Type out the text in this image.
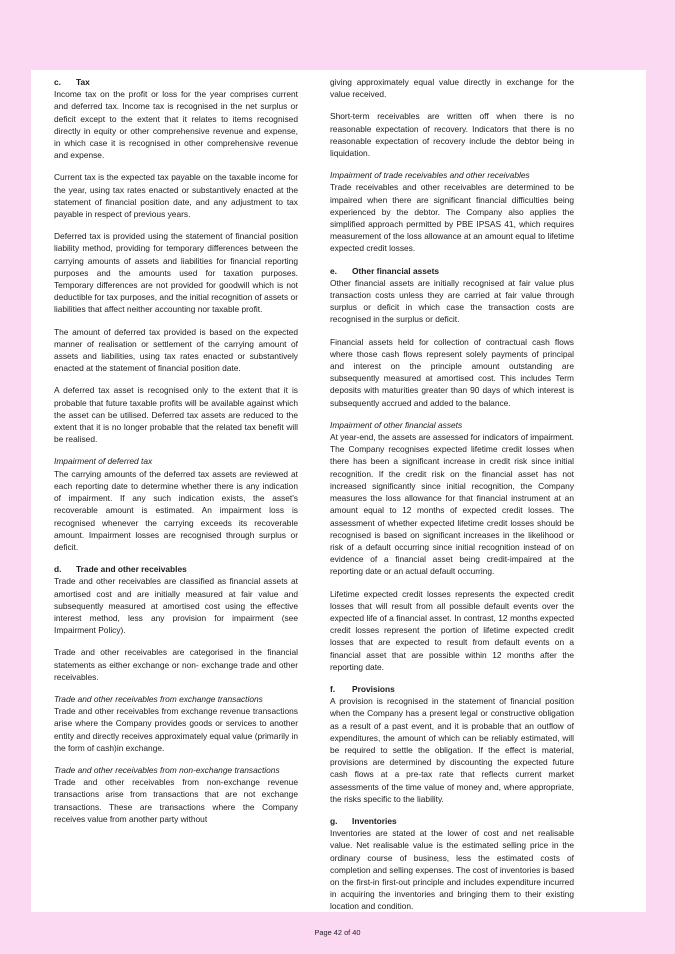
c. Tax

Income tax on the profit or loss for the year comprises current and deferred tax. Income tax is recognised in the net surplus or deficit except to the extent that it relates to items recognised directly in equity or other comprehensive revenue and expense, in which case it is recognised in other comprehensive revenue and expense.

Current tax is the expected tax payable on the taxable income for the year, using tax rates enacted or substantively enacted at the statement of financial position date, and any adjustment to tax payable in respect of previous years.

Deferred tax is provided using the statement of financial position liability method, providing for temporary differences between the carrying amounts of assets and liabilities for financial reporting purposes and the amounts used for taxation purposes. Temporary differences are not provided for goodwill which is not deductible for tax purposes, and the initial recognition of assets or liabilities that affect neither accounting nor taxable profit.

The amount of deferred tax provided is based on the expected manner of realisation or settlement of the carrying amount of assets and liabilities, using tax rates enacted or substantively enacted at the statement of financial position date.

A deferred tax asset is recognised only to the extent that it is probable that future taxable profits will be available against which the asset can be utilised. Deferred tax assets are reduced to the extent that it is no longer probable that the related tax benefit will be realised.

Impairment of deferred tax

The carrying amounts of the deferred tax assets are reviewed at each reporting date to determine whether there is any indication of impairment. If any such indication exists, the asset's recoverable amount is estimated. An impairment loss is recognised whenever the carrying exceeds its recoverable amount. Impairment losses are recognised through surplus or deficit.

d. Trade and other receivables

Trade and other receivables are classified as financial assets at amortised cost and are initially measured at fair value and subsequently measured at amortised cost using the effective interest method, less any provision for impairment (see Impairment Policy).

Trade and other receivables are categorised in the financial statements as either exchange or non- exchange trade and other receivables.

Trade and other receivables from exchange transactions

Trade and other receivables from exchange revenue transactions arise where the Company provides goods or services to another entity and directly receives approximately equal value (primarily in the form of cash)in exchange.

Trade and other receivables from non-exchange transactions

Trade and other receivables from non-exchange revenue transactions arise from transactions that are not exchange transactions. These are transactions where the Company receives value from another party without

giving approximately equal value directly in exchange for the value received.

Short-term receivables are written off when there is no reasonable expectation of recovery. Indicators that there is no reasonable expectation of recovery include the debtor being in liquidation.

Impairment of trade receivables and other receivables

Trade receivables and other receivables are determined to be impaired when there are significant financial difficulties being experienced by the debtor. The Company also applies the simplified approach permitted by PBE IPSAS 41, which requires measurement of the loss allowance at an amount equal to lifetime expected credit losses.

e. Other financial assets

Other financial assets are initially recognised at fair value plus transaction costs unless they are carried at fair value through surplus or deficit in which case the transaction costs are recognised in the surplus or deficit.

Financial assets held for collection of contractual cash flows where those cash flows represent solely payments of principal and interest on the principle amount outstanding are subsequently measured at amortised cost. This includes Term deposits with maturities greater than 90 days of which interest is subsequently accrued and added to the balance.

Impairment of other financial assets

At year-end, the assets are assessed for indicators of impairment. The Company recognises expected lifetime credit losses when there has been a significant increase in credit risk since initial recognition. If the credit risk on the financial asset has not increased significantly since initial recognition, the Company measures the loss allowance for that financial instrument at an amount equal to 12 months of expected credit losses. The assessment of whether expected lifetime credit losses should be recognised is based on significant increases in the likelihood or risk of a default occurring since initial recognition instead of on evidence of a financial asset being credit-impaired at the reporting date or an actual default occurring.

Lifetime expected credit losses represents the expected credit losses that will result from all possible default events over the expected life of a financial asset. In contrast, 12 months expected credit losses represent the portion of lifetime expected credit losses that are expected to result from default events on a financial asset that are possible within 12 months after the reporting date.

f. Provisions

A provision is recognised in the statement of financial position when the Company has a present legal or constructive obligation as a result of a past event, and it is probable that an outflow of expenditures, the amount of which can be reliably estimated, will be required to settle the obligation. If the effect is material, provisions are determined by discounting the expected future cash flows at a pre-tax rate that reflects current market assessments of the time value of money and, where appropriate, the risks specific to the liability.

g. Inventories

Inventories are stated at the lower of cost and net realisable value. Net realisable value is the estimated selling price in the ordinary course of business, less the estimated costs of completion and selling expenses. The cost of inventories is based on the first-in first-out principle and includes expenditure incurred in acquiring the inventories and bringing them to their existing location and condition.

Page 42 of 40
